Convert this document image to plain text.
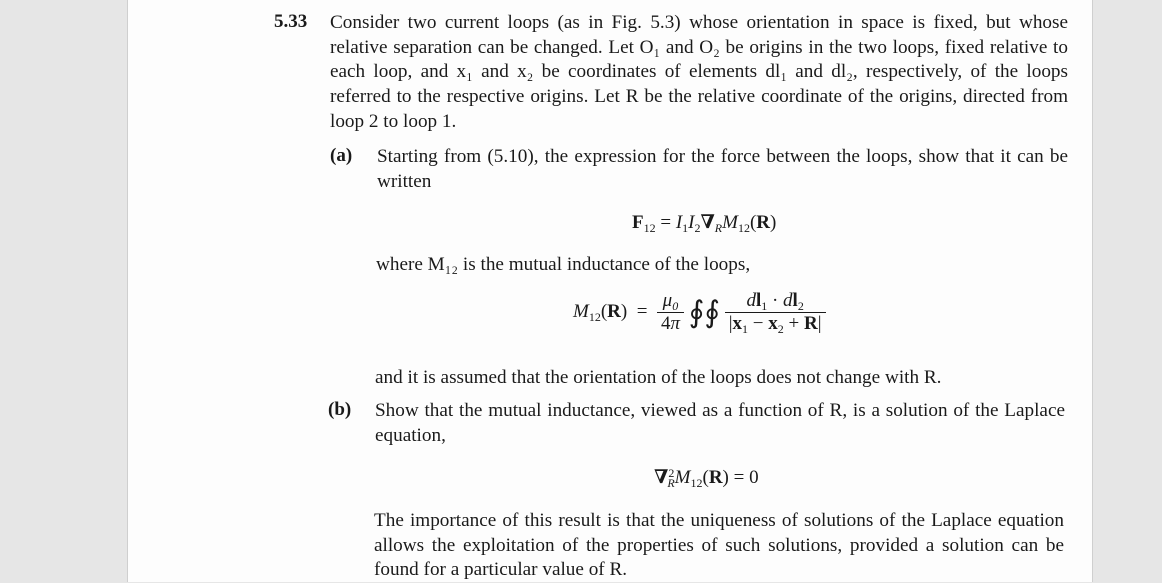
5.33 Consider two current loops (as in Fig. 5.3) whose orientation in space is fixed, but whose relative separation can be changed. Let O₁ and O₂ be origins in the two loops, fixed relative to each loop, and x₁ and x₂ be coordinates of elements dl₁ and dl₂, respectively, of the loops referred to the respective origins. Let R be the relative coordinate of the origins, directed from loop 2 to loop 1.
(a) Starting from (5.10), the expression for the force between the loops, show that it can be written
$F_{12} = I_1I_2\nabla_RM_{12}(R)$
where M₁₂ is the mutual inductance of the loops,
$M_{12}(R) = \frac{\mu_0}{4\pi}$ ∮∮ $\frac{dl_1 \cdot dl_2}{|x_1 - x_2 + R|}$
and it is assumed that the orientation of the loops does not change with R.
(b) Show that the mutual inductance, viewed as a function of R, is a solution of the Laplace equation,
$\nabla^2_RM_{12}(R) = 0$
The importance of this result is that the uniqueness of solutions of the Laplace equation allows the exploitation of the properties of such solutions, provided a solution can be found for a particular value of R.
